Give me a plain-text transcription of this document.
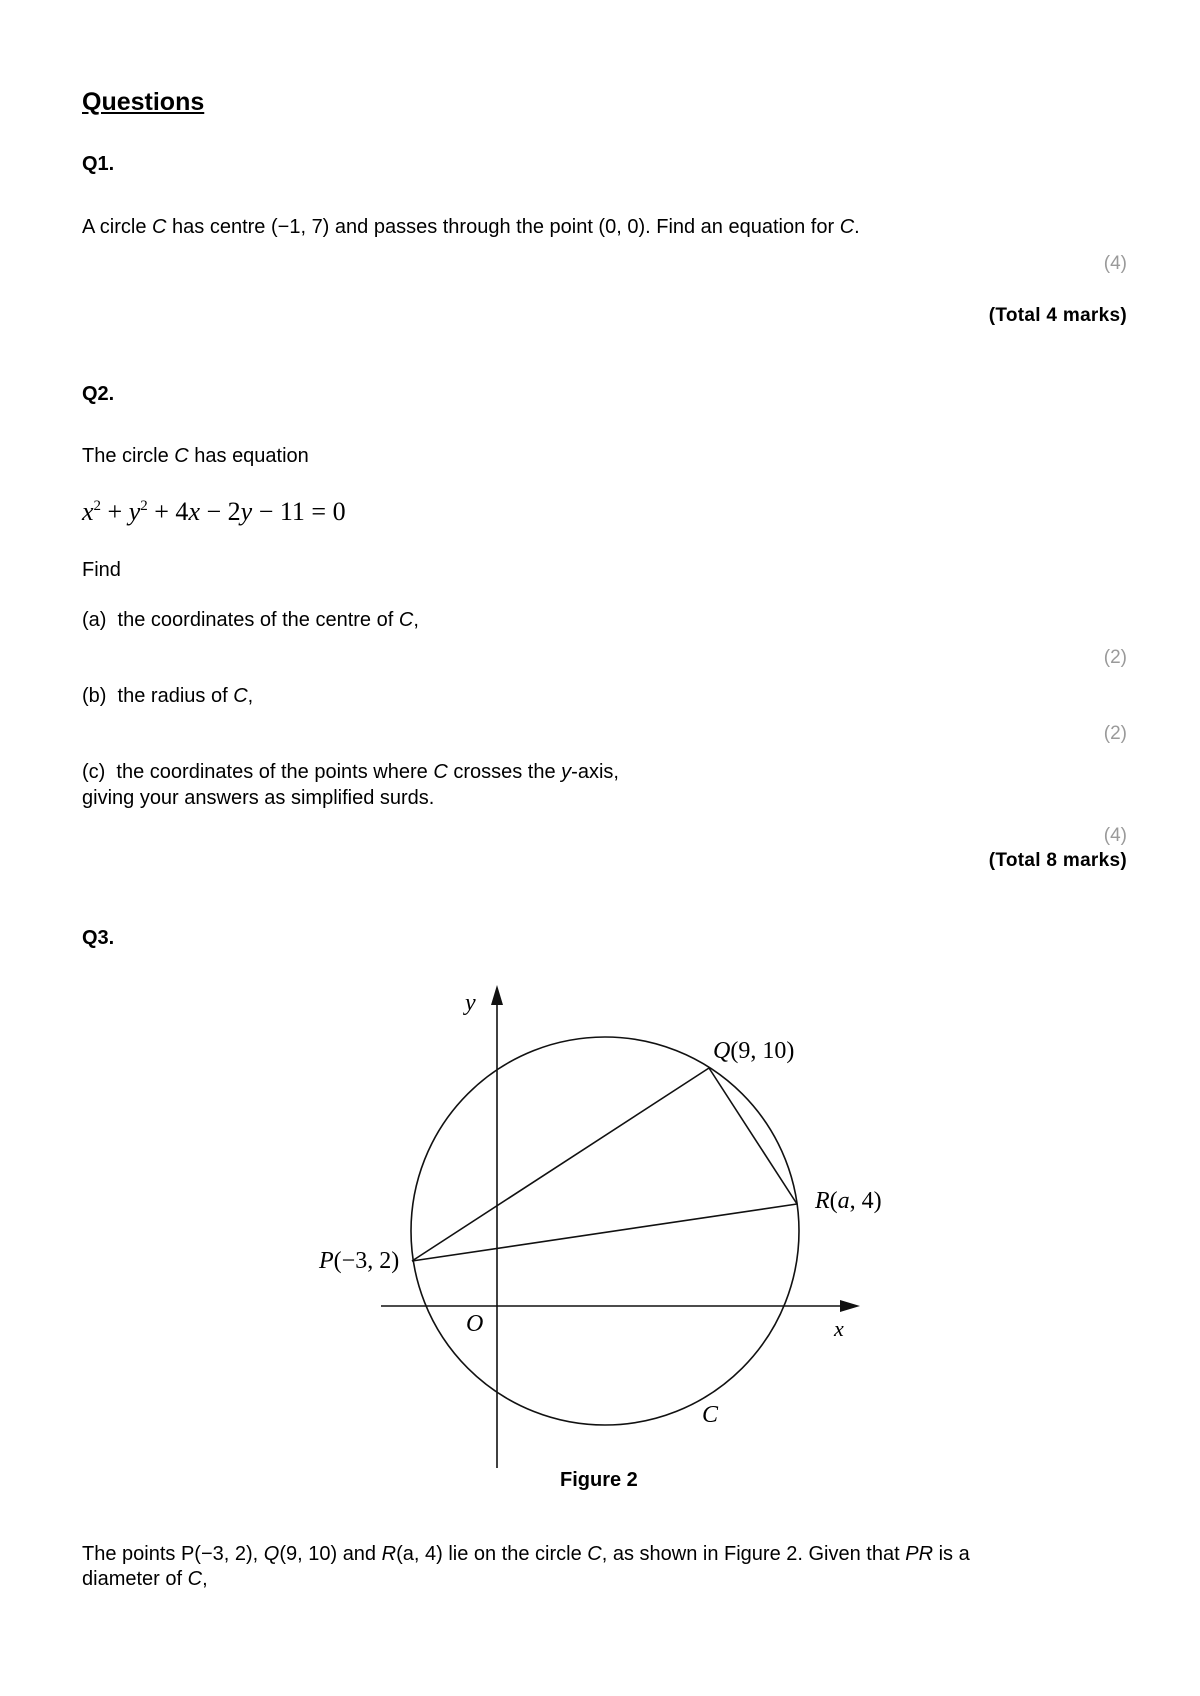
Questions
Q1.
A circle C has centre (−1, 7) and passes through the point (0, 0). Find an equation for C.
(4)
(Total 4 marks)
Q2.
The circle C has equation
$x^2 + y^2 + 4x - 2y - 11 = 0$
Find
(a)  the coordinates of the centre of C,
(2)
(b)  the radius of C,
(2)
(c)  the coordinates of the points where C crosses the y-axis,
giving your answers as simplified surds.
(4)
(Total 8 marks)
Q3.
y
x
O
C
P(−3, 2)
Q(9, 10)
R(a, 4)
Figure 2
The points P(−3, 2), Q(9, 10) and R(a, 4) lie on the circle C, as shown in Figure 2. Given that PR is a
diameter of C,
